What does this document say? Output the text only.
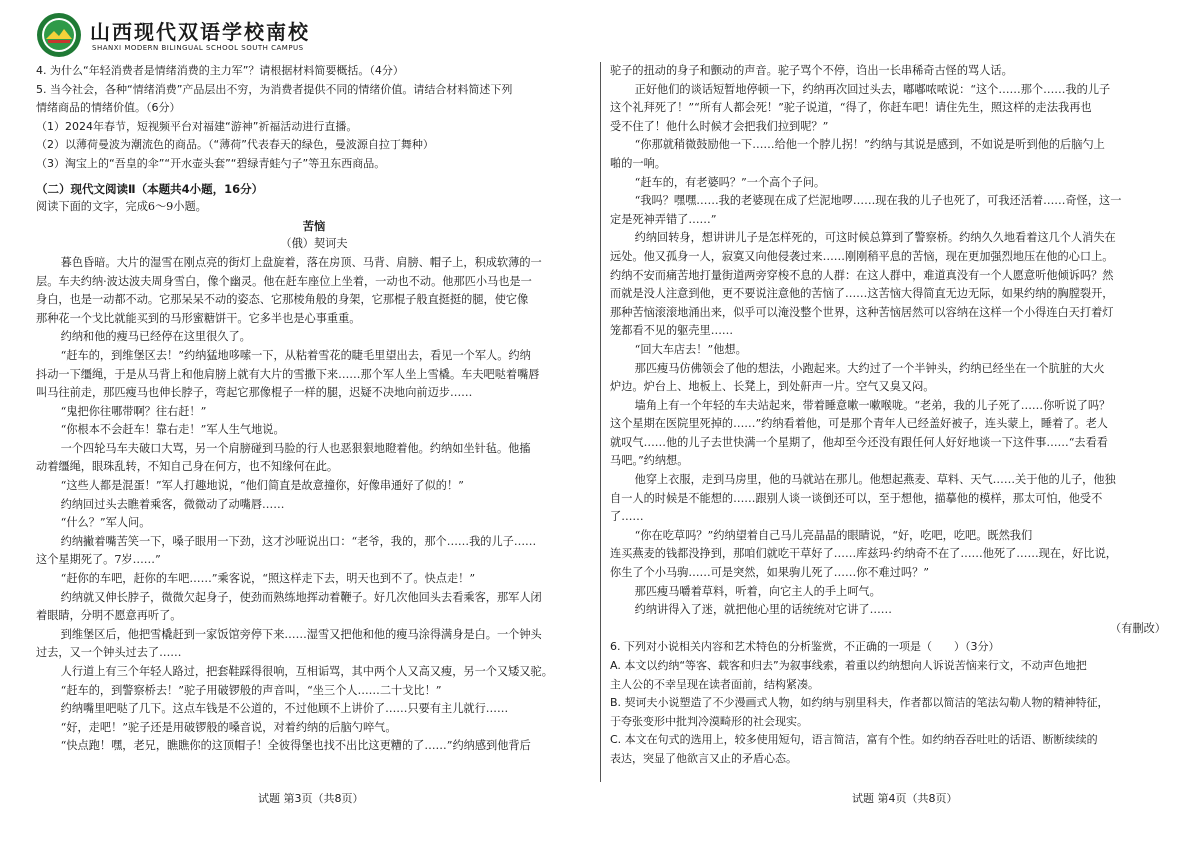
山西现代双语学校南校
SHANXI MODERN BILINGUAL SCHOOL SOUTH CAMPUS

4. 为什么“年轻消费者是情绪消费的主力军”？请根据材料简要概括。（4分）

5. 当今社会，各种“情绪消费”产品层出不穷，为消费者提供不同的情绪价值。请结合材料简述下列

情绪商品的情绪价值。（6分）

（1）2024年春节，短视频平台对福建“游神”祈福活动进行直播。

（2）以薄荷曼波为潮流色的商品。（“薄荷”代表春天的绿色，曼波源自拉丁舞种）

（3）淘宝上的“吾皇的伞”“开水壶头套”“碧绿青蛙勺子”等丑东西商品。

（二）现代文阅读Ⅱ（本题共4小题，16分）

阅读下面的文字，完成6～9小题。

苦恼

（俄）契诃夫

暮色昏暗。大片的湿雪在刚点亮的街灯上盘旋着，落在房顶、马背、肩膀、帽子上，积成软薄的一

层。车夫约纳·波达波夫周身雪白，像个幽灵。他在赶车座位上坐着，一动也不动。他那匹小马也是一

身白，也是一动都不动。它那呆呆不动的姿态、它那棱角般的身架，它那棍子般直挺挺的腿，使它像

那种花一个戈比就能买到的马形蜜糖饼干。它多半也是心事重重。

约纳和他的瘦马已经停在这里很久了。

“赶车的，到维堡区去！”约纳猛地哆嗦一下，从粘着雪花的睫毛里望出去，看见一个军人。约纳

抖动一下缰绳，于是从马背上和他肩膀上就有大片的雪撒下来……那个军人坐上雪橇。车夫吧哒着嘴唇

叫马往前走，那匹瘦马也伸长脖子，弯起它那像棍子一样的腿，迟疑不决地向前迈步……

“鬼把你往哪带啊？往右赶！”

“你根本不会赶车！靠右走！”军人生气地说。

一个四轮马车夫破口大骂，另一个肩膀碰到马脸的行人也恶狠狠地瞪着他。约纳如坐针毡。他搐

动着缰绳，眼珠乱转，不知自己身在何方，也不知缘何在此。

“这些人都是混蛋！”军人打趣地说，“他们简直是故意撞你，好像串通好了似的！”

约纳回过头去瞧着乘客，微微动了动嘴唇……

“什么？”军人问。

约纳撇着嘴苦笑一下，嗓子眼用一下劲，这才沙哑说出口：“老爷，我的，那个……我的儿子……

这个星期死了。7岁……”

“赶你的车吧，赶你的车吧……”乘客说，“照这样走下去，明天也到不了。快点走！”

约纳就又伸长脖子，微微欠起身子，使劲而熟练地挥动着鞭子。好几次他回头去看乘客，那军人闭

着眼睛，分明不愿意再听了。

到维堡区后，他把雪橇赶到一家饭馆旁停下来……湿雪又把他和他的瘦马涂得满身是白。一个钟头

过去，又一个钟头过去了……

人行道上有三个年轻人路过，把套鞋踩得很响，互相诟骂，其中两个人又高又瘦，另一个又矮又驼。

“赶车的，到警察桥去！”驼子用破锣般的声音叫，“坐三个人……二十戈比！”

约纳嘴里吧哒了几下。这点车钱是不公道的，不过他顾不上讲价了……只要有主儿就行……

“好，走吧！”驼子还是用破锣般的嗓音说，对着约纳的后脑勺啐气。

“快点跑！嘿，老兄，瞧瞧你的这顶帽子！全彼得堡也找不出比这更糟的了……”约纳感到他背后

驼子的扭动的身子和颤动的声音。驼子骂个不停，诌出一长串稀奇古怪的骂人话。

正好他们的谈话短暂地停顿一下，约纳再次回过头去，嘟嘟哝哝说：“这个……那个……我的儿子

这个礼拜死了！”“所有人都会死！”驼子说道，“得了，你赶车吧！请住先生，照这样的走法我再也

受不住了！他什么时候才会把我们拉到呢？”

“你那就稍微鼓励他一下……给他一个脖儿拐！”约纳与其说是感到，不如说是听到他的后脑勺上

啪的一响。

“赶车的，有老婆吗？”一个高个子问。

“我吗？嘿嘿……我的老婆现在成了烂泥地啰……现在我的儿子也死了，可我还活着……奇怪，这一

定是死神弄错了……”

约纳回转身，想讲讲儿子是怎样死的，可这时候总算到了警察桥。约纳久久地看着这几个人消失在

远处。他又孤身一人，寂寞又向他侵袭过来……刚刚稍平息的苦恼，现在更加强烈地压在他的心口上。

约纳不安而痛苦地打量街道两旁穿梭不息的人群：在这人群中，难道真没有一个人愿意听他倾诉吗？然

而就是没人注意到他，更不要说注意他的苦恼了……这苦恼大得简直无边无际，如果约纳的胸膛裂开，

那种苦恼滚滚地涌出来，似乎可以淹没整个世界，这种苦恼居然可以容纳在这样一个小得连白天打着灯

笼都看不见的躯壳里……

“回大车店去！”他想。

那匹瘦马仿佛领会了他的想法，小跑起来。大约过了一个半钟头，约纳已经坐在一个肮脏的大火

炉边。炉台上、地板上、长凳上，到处鼾声一片。空气又臭又闷。

墙角上有一个年轻的车夫站起来，带着睡意嗽一嗽喉咙。“老弟，我的儿子死了……你听说了吗？

这个星期在医院里死掉的……”约纳看着他，可是那个青年人已经盖好被子，连头蒙上，睡着了。老人

就叹气……他的儿子去世快满一个星期了，他却至今还没有跟任何人好好地谈一下这件事……“去看看

马吧。”约纳想。

他穿上衣服，走到马房里，他的马就站在那儿。他想起燕麦、草料、天气……关于他的儿子，他独

自一人的时候是不能想的……跟别人谈一谈倒还可以，至于想他，描摹他的模样，那太可怕，他受不

了……

“你在吃草吗？”约纳望着自己马儿亮晶晶的眼睛说，“好，吃吧，吃吧。既然我们

连买燕麦的钱都没挣到，那咱们就吃干草好了……库兹玛·约纳奇不在了……他死了……现在，好比说，

你生了个小马驹……可是突然，如果驹儿死了……你不难过吗？”

那匹瘦马嚼着草料，听着，向它主人的手上呵气。

约纳讲得入了迷，就把他心里的话统统对它讲了……

（有删改）

6. 下列对小说相关内容和艺术特色的分析鉴赏，不正确的一项是（　　）（3分）

A. 本文以约纳“等客、载客和归去”为叙事线索，着重以约纳想向人诉说苦恼来行文，不动声色地把

主人公的不幸呈现在读者面前，结构紧凑。

B. 契诃夫小说塑造了不少漫画式人物，如约纳与别里科夫，作者都以简洁的笔法勾勒人物的精神特征，

于夸张变形中批判冷漠畸形的社会现实。

C. 本文在句式的选用上，较多使用短句，语言简洁，富有个性。如约纳吞吞吐吐的话语、断断续续的

表达，突显了他欲言又止的矛盾心态。

试题 第3页（共8页）	试题 第4页（共8页）
